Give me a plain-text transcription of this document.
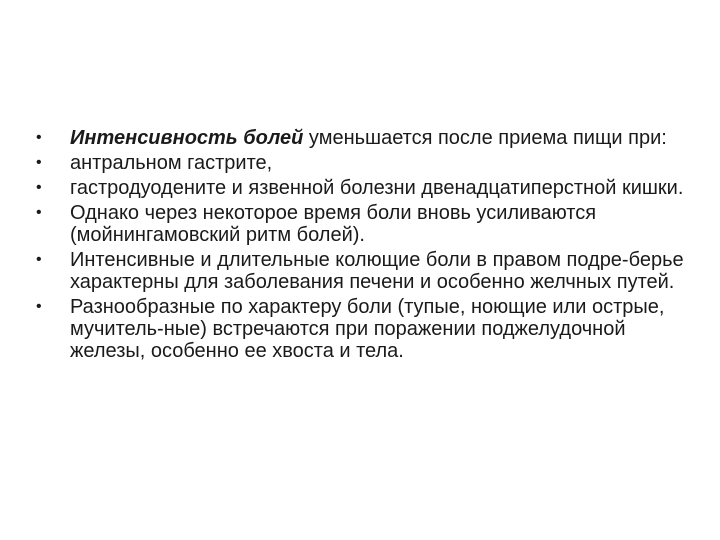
•	Интенсивность болей уменьшается после приема пищи при:
•	антральном гастрите,
•	гастродуодените и язвенной болезни двенадцатиперстной кишки.
•	Однако через некоторое время боли вновь усиливаются (мойнингамовский ритм болей).
•	Интенсивные и длительные колющие боли в правом подре-берье характерны для заболевания печени и особенно желчных путей.
•	Разнообразные по характеру боли (тупые, ноющие или острые, мучитель-ные) встречаются при поражении поджелудочной железы, особенно ее хвоста и тела.
